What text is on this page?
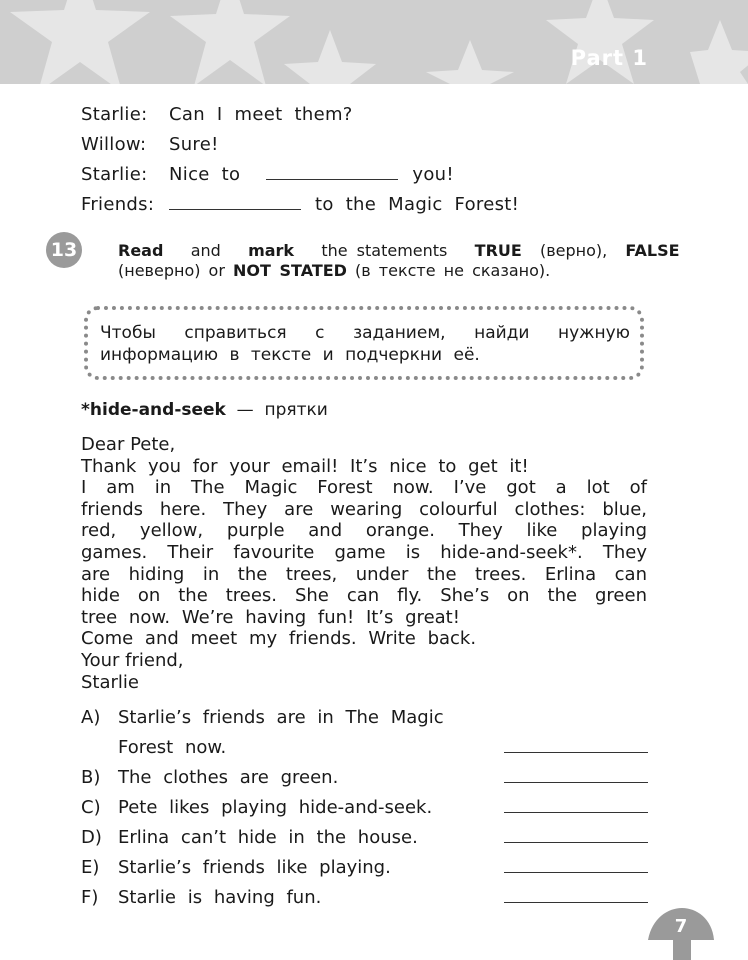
Part 1
Starlie: Can I meet them?
Willow: Sure!
Starlie: Nice to	you!
Friends:	to the Magic Forest!
13	Read and mark the statements TRUE (верно), FALSE
(неверно) or NOT STATED (в тексте не сказано).
Чтобы справиться с заданием, найди нужную
информацию в тексте и подчеркни её.
*hide-and-seek — прятки
Dear Pete,
Thank you for your email! It’s nice to get it!
I am in The Magic Forest now. I’ve got a lot of
friends here. They are wearing colourful clothes: blue,
red, yellow, purple and orange. They like playing
games. Their favourite game is hide-and-seek*. They
are hiding in the trees, under the trees. Erlina can
hide on the trees. She can fly. She’s on the green
tree now. We’re having fun! It’s great!
Come and meet my friends. Write back.
Your friend,
Starlie
A) Starlie’s friends are in The Magic
Forest now.
B) The clothes are green.
C) Pete likes playing hide-and-seek.
D) Erlina can’t hide in the house.
E) Starlie’s friends like playing.
F) Starlie is having fun.
7
